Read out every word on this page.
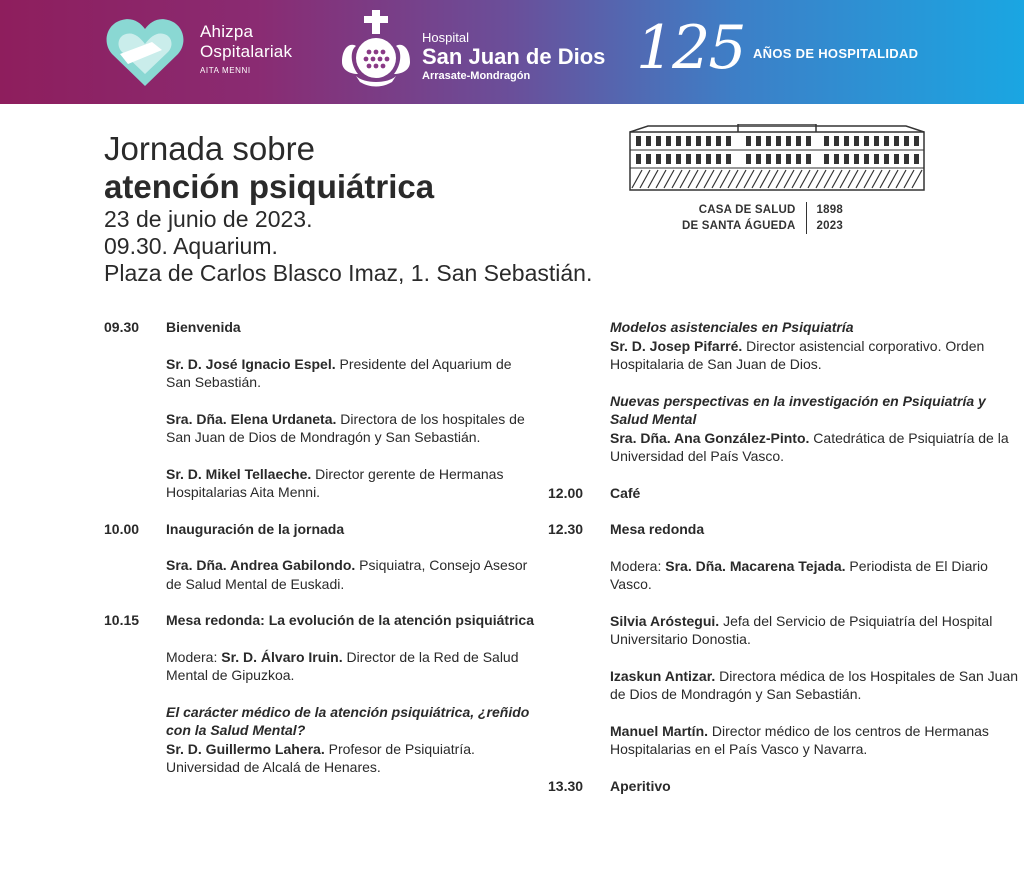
Ahizpa
Ospitalariak
AITA MENNI
Hospital
San Juan de Dios
Arrasate-Mondragón	125 AÑOS DE HOSPITALIDAD
Jornada sobre
atención psiquiátrica
23 de junio de 2023.
09.30. Aquarium.
Plaza de Carlos Blasco Imaz, 1. San Sebastián.
CASA DE SALUD
DE SANTA ÁGUEDA
1898
2023
09.30 Bienvenida

Sr. D. José Ignacio Espel. Presidente del Aquarium de San Sebastián.

Sra. Dña. Elena Urdaneta. Directora de los hospitales de San Juan de Dios de Mondragón y San Sebastián.

Sr. D. Mikel Tellaeche. Director gerente de Hermanas Hospitalarias Aita Menni.

10.00 Inauguración de la jornada

Sra. Dña. Andrea Gabilondo. Psiquiatra, Consejo Asesor de Salud Mental de Euskadi.

10.15 Mesa redonda: La evolución de la atención psiquiátrica

Modera: Sr. D. Álvaro Iruin. Director de la Red de Salud Mental de Gipuzkoa.

El carácter médico de la atención psiquiátrica, ¿reñido con la Salud Mental?

Sr. D. Guillermo Lahera. Profesor de Psiquiatría. Universidad de Alcalá de Henares.

Modelos asistenciales en Psiquiatría

Sr. D. Josep Pifarré. Director asistencial corporativo. Orden Hospitalaria de San Juan de Dios.

Nuevas perspectivas en la investigación en Psiquiatría y Salud Mental

Sra. Dña. Ana González-Pinto. Catedrática de Psiquiatría de la Universidad del País Vasco.

12.00 Café
12.30 Mesa redonda

Modera: Sra. Dña. Macarena Tejada. Periodista de El Diario Vasco.

Silvia Aróstegui. Jefa del Servicio de Psiquiatría del Hospital Universitario Donostia.

Izaskun Antizar. Directora médica de los Hospitales de San Juan de Dios de Mondragón y San Sebastián.

Manuel Martín. Director médico de los centros de Hermanas Hospitalarias en el País Vasco y Navarra.

13.30 Aperitivo
